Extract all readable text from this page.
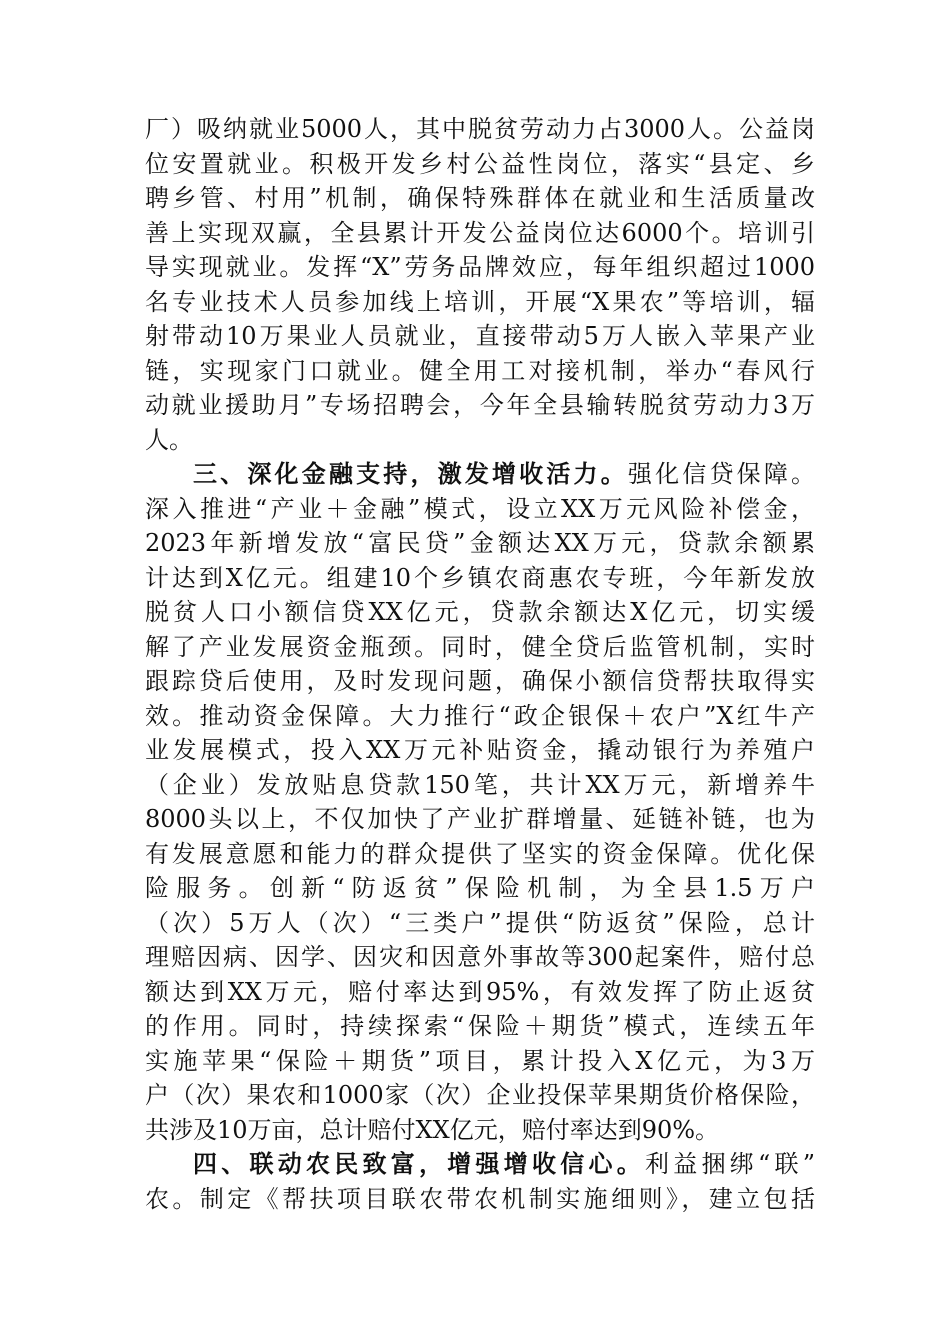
厂）吸纳就业5000人，其中脱贫劳动力占3000人。公益岗
位安置就业。积极开发乡村公益性岗位，落实“县定、乡
聘乡管、村用”机制，确保特殊群体在就业和生活质量改
善上实现双赢，全县累计开发公益岗位达6000个。培训引
导实现就业。发挥“X”劳务品牌效应，每年组织超过1000
名专业技术人员参加线上培训，开展“X果农”等培训，辐
射带动10万果业人员就业，直接带动5万人嵌入苹果产业
链，实现家门口就业。健全用工对接机制，举办“春风行
动就业援助月”专场招聘会，今年全县输转脱贫劳动力3万
人。
三、深化金融支持，激发增收活力。强化信贷保障。
深入推进“产业＋金融”模式，设立XX万元风险补偿金，
2023年新增发放“富民贷”金额达XX万元，贷款余额累
计达到X亿元。组建10个乡镇农商惠农专班，今年新发放
脱贫人口小额信贷XX亿元，贷款余额达X亿元，切实缓
解了产业发展资金瓶颈。同时，健全贷后监管机制，实时
跟踪贷后使用，及时发现问题，确保小额信贷帮扶取得实
效。推动资金保障。大力推行“政企银保＋农户”X红牛产
业发展模式，投入XX万元补贴资金，撬动银行为养殖户
（企业）发放贴息贷款150笔，共计XX万元，新增养牛
8000头以上，不仅加快了产业扩群增量、延链补链，也为
有发展意愿和能力的群众提供了坚实的资金保障。优化保
险服务。创新“防返贫”保险机制，为全县1.5万户
（次）5万人（次）“三类户”提供“防返贫”保险，总计
理赔因病、因学、因灾和因意外事故等300起案件，赔付总
额达到XX万元，赔付率达到95%，有效发挥了防止返贫
的作用。同时，持续探索“保险＋期货”模式，连续五年
实施苹果“保险＋期货”项目，累计投入X亿元，为3万
户（次）果农和1000家（次）企业投保苹果期货价格保险，
共涉及10万亩，总计赔付XX亿元，赔付率达到90%。
四、联动农民致富，增强增收信心。利益捆绑“联”
农。制定《帮扶项目联农带农机制实施细则》，建立包括
